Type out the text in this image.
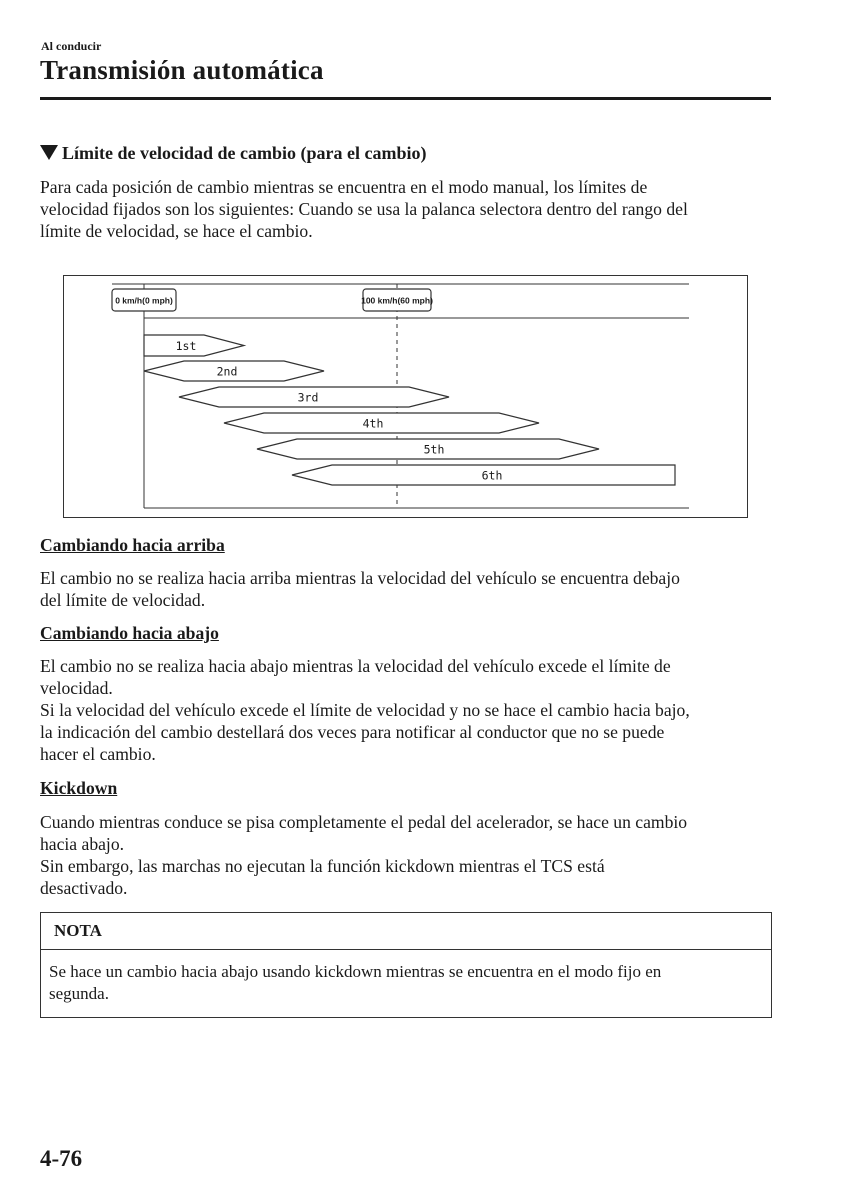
Al conducir
Transmisión automática
Límite de velocidad de cambio (para el cambio)

Para cada posición de cambio mientras se encuentra en el modo manual, los límites de

velocidad fijados son los siguientes: Cuando se usa la palanca selectora dentro del rango del

límite de velocidad, se hace el cambio.

0 km/h(0 mph)	100 km/h(60 mph)
1st
2nd
3rd
4th
5th
6th
Cambiando hacia arriba

El cambio no se realiza hacia arriba mientras la velocidad del vehículo se encuentra debajo

del límite de velocidad.

Cambiando hacia abajo

El cambio no se realiza hacia abajo mientras la velocidad del vehículo excede el límite de

velocidad.

Si la velocidad del vehículo excede el límite de velocidad y no se hace el cambio hacia bajo,

la indicación del cambio destellará dos veces para notificar al conductor que no se puede

hacer el cambio.

Kickdown

Cuando mientras conduce se pisa completamente el pedal del acelerador, se hace un cambio

hacia abajo.

Sin embargo, las marchas no ejecutan la función kickdown mientras el TCS está

desactivado.

NOTA
Se hace un cambio hacia abajo usando kickdown mientras se encuentra en el modo fijo en
segunda.
4-76
